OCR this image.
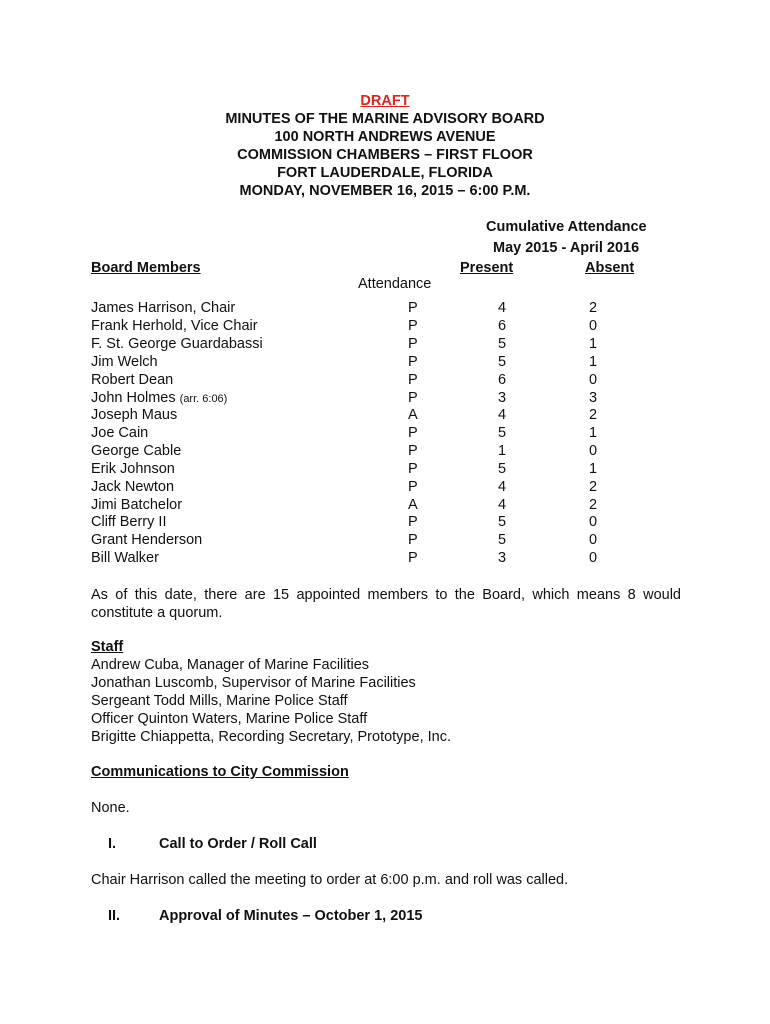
DRAFT
MINUTES OF THE MARINE ADVISORY BOARD
100 NORTH ANDREWS AVENUE
COMMISSION CHAMBERS – FIRST FLOOR
FORT LAUDERDALE, FLORIDA
MONDAY, NOVEMBER 16, 2015 – 6:00 P.M.
Cumulative Attendance
May 2015 - April 2016
Board Members	Present	Absent
Attendance
James Harrison, Chair	P	4	2
Frank Herhold, Vice Chair	P	6	0
F. St. George Guardabassi	P	5	1
Jim Welch	P	5	1
Robert Dean	P	6	0
John Holmes (arr. 6:06)	P	3	3
Joseph Maus	A	4	2
Joe Cain	P	5	1
George Cable	P	1	0
Erik Johnson	P	5	1
Jack Newton	P	4	2
Jimi Batchelor	A	4	2
Cliff Berry II	P	5	0
Grant Henderson	P	5	0
Bill Walker	P	3	0
As of this date, there are 15 appointed members to the Board, which means 8 would constitute a quorum.
Staff
Andrew Cuba, Manager of Marine Facilities
Jonathan Luscomb, Supervisor of Marine Facilities
Sergeant Todd Mills, Marine Police Staff
Officer Quinton Waters, Marine Police Staff
Brigitte Chiappetta, Recording Secretary, Prototype, Inc.
Communications to City Commission
None.
I.	Call to Order / Roll Call
Chair Harrison called the meeting to order at 6:00 p.m. and roll was called.
II.	Approval of Minutes – October 1, 2015
